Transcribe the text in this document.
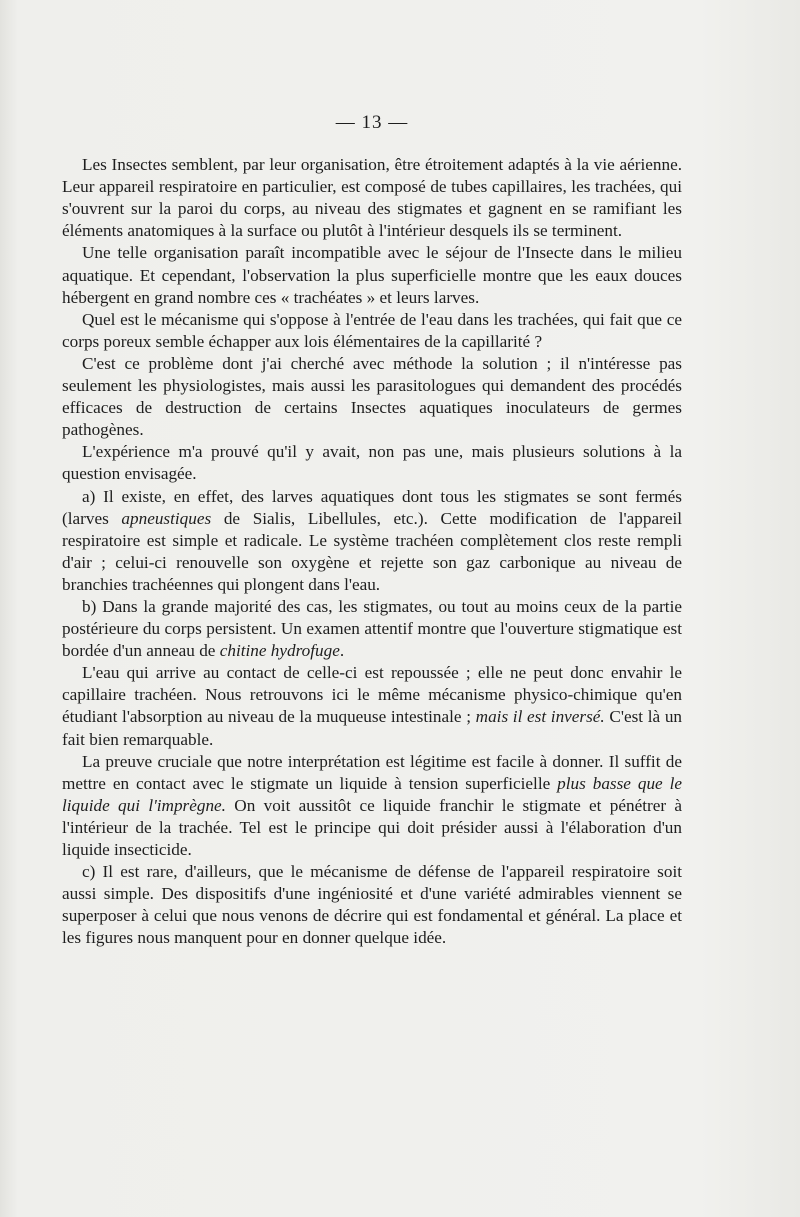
— 13 —

Les Insectes semblent, par leur organisation, être étroitement adaptés à la vie aérienne. Leur appareil respiratoire en particulier, est composé de tubes capillaires, les trachées, qui s'ouvrent sur la paroi du corps, au niveau des stigmates et gagnent en se ramifiant les éléments anatomiques à la surface ou plutôt à l'intérieur desquels ils se terminent.

Une telle organisation paraît incompatible avec le séjour de l'Insecte dans le milieu aquatique. Et cependant, l'observation la plus superficielle montre que les eaux douces hébergent en grand nombre ces « trachéates » et leurs larves.

Quel est le mécanisme qui s'oppose à l'entrée de l'eau dans les trachées, qui fait que ce corps poreux semble échapper aux lois élémentaires de la capillarité ?

C'est ce problème dont j'ai cherché avec méthode la solution ; il n'intéresse pas seulement les physiologistes, mais aussi les parasitologues qui demandent des procédés efficaces de destruction de certains Insectes aquatiques inoculateurs de germes pathogènes.

L'expérience m'a prouvé qu'il y avait, non pas une, mais plusieurs solutions à la question envisagée.

a) Il existe, en effet, des larves aquatiques dont tous les stigmates se sont fermés (larves apneustiques de Sialis, Libellules, etc.). Cette modification de l'appareil respiratoire est simple et radicale. Le système trachéen complètement clos reste rempli d'air ; celui-ci renouvelle son oxygène et rejette son gaz carbonique au niveau de branchies trachéennes qui plongent dans l'eau.

b) Dans la grande majorité des cas, les stigmates, ou tout au moins ceux de la partie postérieure du corps persistent. Un examen attentif montre que l'ouverture stigmatique est bordée d'un anneau de chitine hydrofuge.

L'eau qui arrive au contact de celle-ci est repoussée ; elle ne peut donc envahir le capillaire trachéen. Nous retrouvons ici le même mécanisme physico-chimique qu'en étudiant l'absorption au niveau de la muqueuse intestinale ; mais il est inversé. C'est là un fait bien remarquable.

La preuve cruciale que notre interprétation est légitime est facile à donner. Il suffit de mettre en contact avec le stigmate un liquide à tension superficielle plus basse que le liquide qui l'imprègne. On voit aussitôt ce liquide franchir le stigmate et pénétrer à l'intérieur de la trachée. Tel est le principe qui doit présider aussi à l'élaboration d'un liquide insecticide.

c) Il est rare, d'ailleurs, que le mécanisme de défense de l'appareil respiratoire soit aussi simple. Des dispositifs d'une ingéniosité et d'une variété admirables viennent se superposer à celui que nous venons de décrire qui est fondamental et général. La place et les figures nous manquent pour en donner quelque idée.
